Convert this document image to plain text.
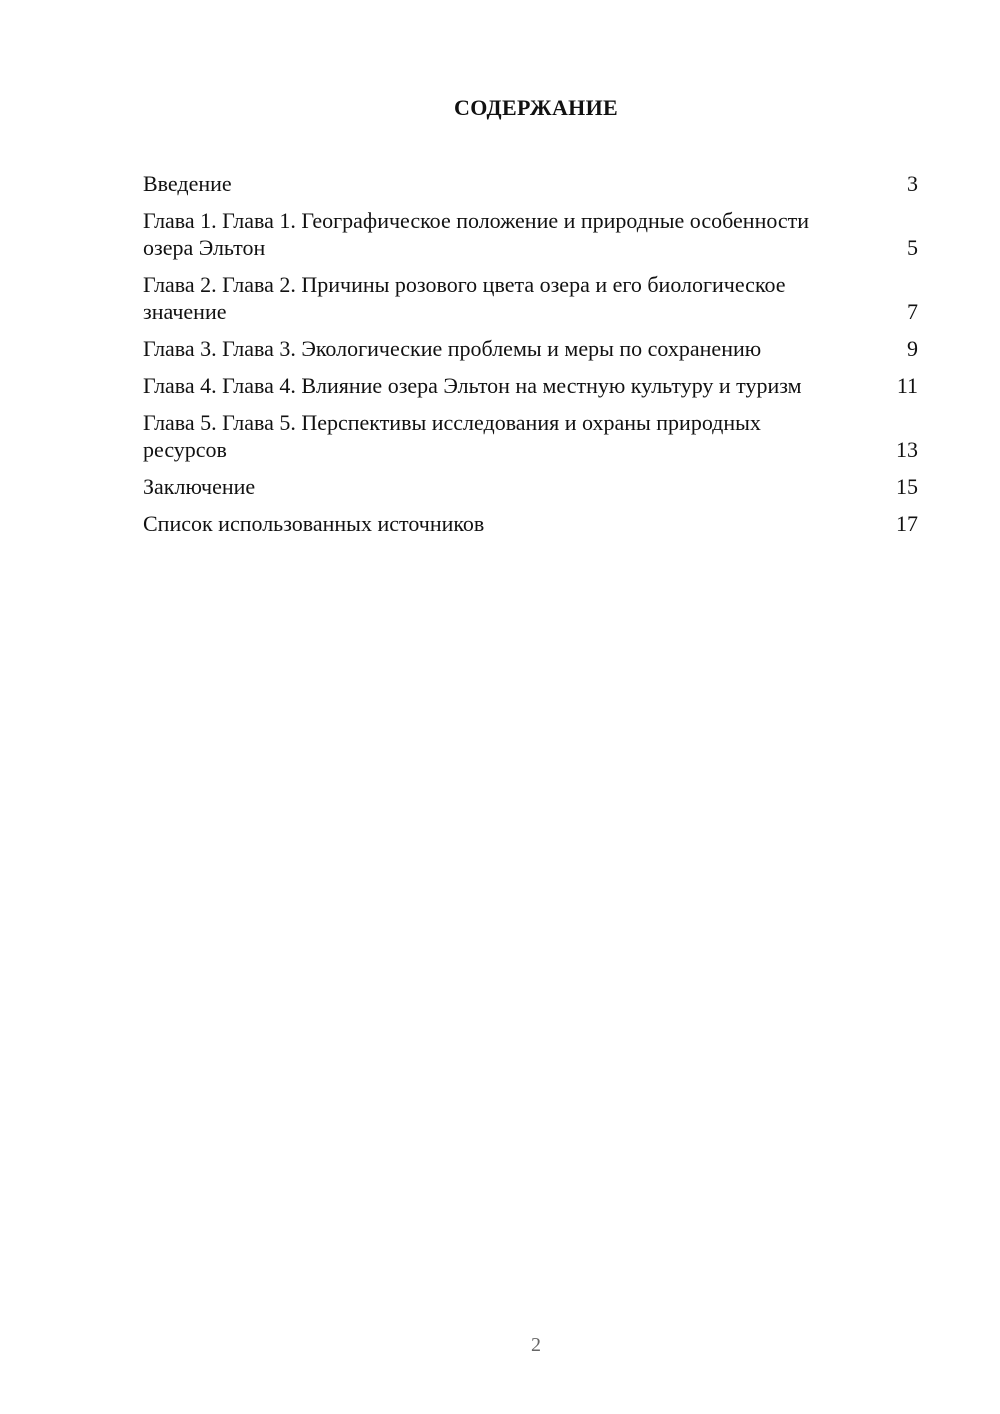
СОДЕРЖАНИЕ
Введение	3
Глава 1. Глава 1. Географическое положение и природные особенности озера Эльтон	5
Глава 2. Глава 2. Причины розового цвета озера и его биологическое значение	7
Глава 3. Глава 3. Экологические проблемы и меры по сохранению	9
Глава 4. Глава 4. Влияние озера Эльтон на местную культуру и туризм	11
Глава 5. Глава 5. Перспективы исследования и охраны природных ресурсов	13
Заключение	15
Список использованных источников	17
2
